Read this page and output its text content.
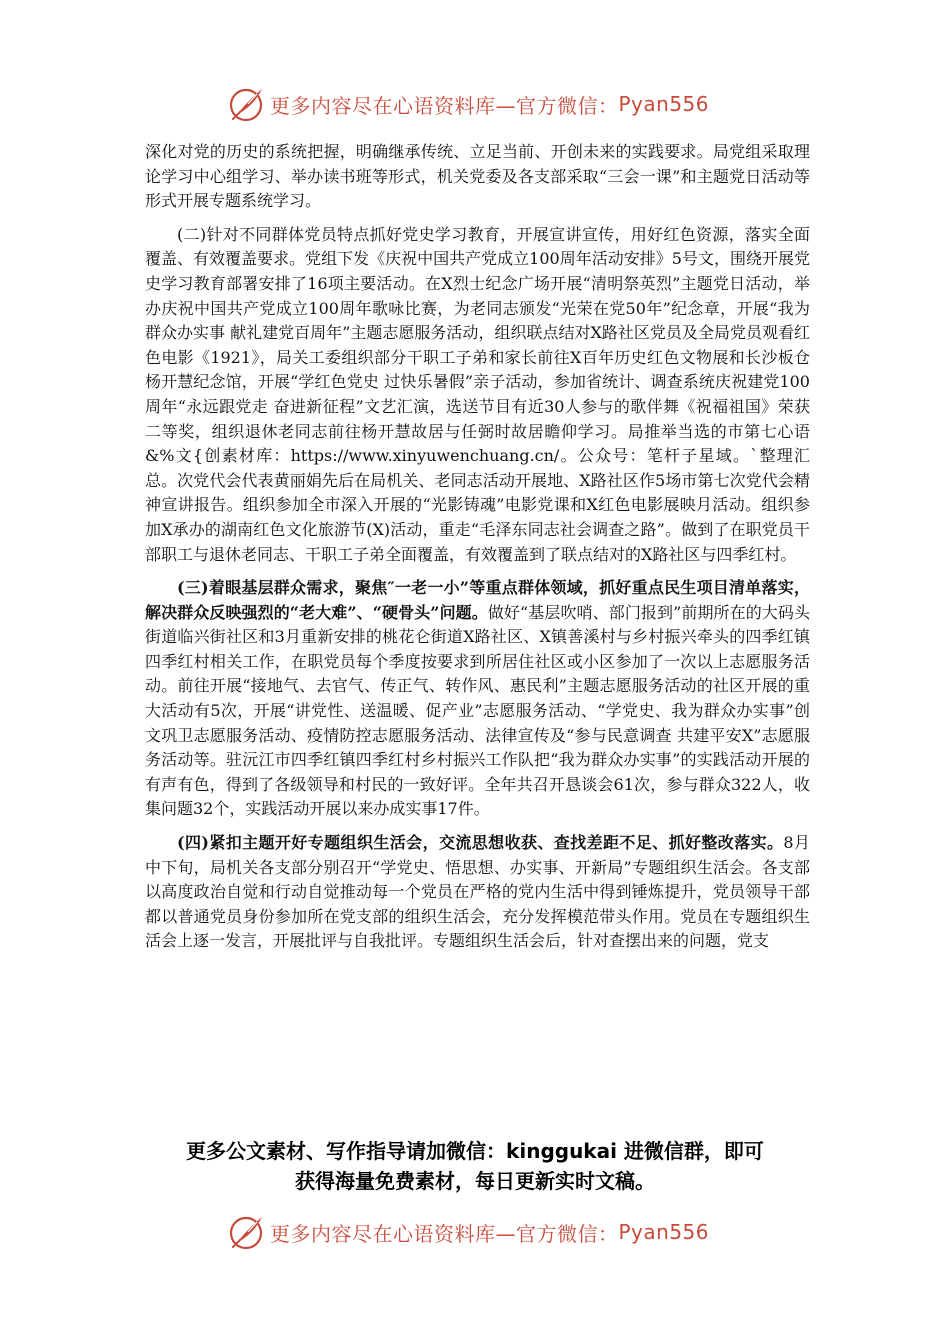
更多内容尽在心语资料库—官方微信： Pyan556

深化对党的历史的系统把握，明确继承传统、立足当前、开创未来的实践要求。局党组采取理论学习中心组学习、举办读书班等形式，机关党委及各支部采取“三会一课”和主题党日活动等形式开展专题系统学习。

(二)针对不同群体党员特点抓好党史学习教育，开展宣讲宣传，用好红色资源，落实全面覆盖、有效覆盖要求。党组下发《庆祝中国共产党成立100周年活动安排》5号文，围绕开展党史学习教育部署安排了16项主要活动。在X烈士纪念广场开展“清明祭英烈”主题党日活动，举办庆祝中国共产党成立100周年歌咏比赛，为老同志颁发“光荣在党50年”纪念章，开展“我为群众办实事 献礼建党百周年”主题志愿服务活动，组织联点结对X路社区党员及全局党员观看红色电影《1921》，局关工委组织部分干职工子弟和家长前往X百年历史红色文物展和长沙板仓杨开慧纪念馆，开展“学红色党史 过快乐暑假”亲子活动，参加省统计、调查系统庆祝建党100周年“永远跟党走 奋进新征程”文艺汇演，选送节目有近30人参与的歌伴舞《祝福祖国》荣获二等奖，组织退休老同志前往杨开慧故居与任弼时故居瞻仰学习。局推举当选的市第七心语&%文{创素材库：https://www.xinyuwenchuang.cn/。公众号：笔杆子星域。`整理汇总。次党代会代表黄丽娟先后在局机关、老同志活动开展地、X路社区作5场市第七次党代会精神宣讲报告。组织参加全市深入开展的“光影铸魂”电影党课和X红色电影展映月活动。组织参加X承办的湖南红色文化旅游节(X)活动，重走“毛泽东同志社会调查之路”。做到了在职党员干部职工与退休老同志、干职工子弟全面覆盖，有效覆盖到了联点结对的X路社区与四季红村。

(三)着眼基层群众需求，聚焦″一老一小”等重点群体领域，抓好重点民生项目清单落实，解决群众反映强烈的“老大难”、“硬骨头”问题。做好“基层吹哨、部门报到”前期所在的大码头街道临兴街社区和3月重新安排的桃花仑街道X路社区、X镇善溪村与乡村振兴牵头的四季红镇四季红村相关工作，在职党员每个季度按要求到所居住社区或小区参加了一次以上志愿服务活动。前往开展“接地气、去官气、传正气、转作风、惠民利”主题志愿服务活动的社区开展的重大活动有5次，开展“讲党性、送温暖、促产业”志愿服务活动、“学党史、我为群众办实事”创文巩卫志愿服务活动、疫情防控志愿服务活动、法律宣传及“参与民意调查 共建平安X”志愿服务活动等。驻沅江市四季红镇四季红村乡村振兴工作队把“我为群众办实事”的实践活动开展的有声有色，得到了各级领导和村民的一致好评。全年共召开恳谈会61次，参与群众322人，收集问题32个，实践活动开展以来办成实事17件。

(四)紧扣主题开好专题组织生活会，交流思想收获、查找差距不足、抓好整改落实。8月中下旬，局机关各支部分别召开“学党史、悟思想、办实事、开新局”专题组织生活会。各支部以高度政治自觉和行动自觉推动每一个党员在严格的党内生活中得到锤炼提升，党员领导干部都以普通党员身份参加所在党支部的组织生活会，充分发挥模范带头作用。党员在专题组织生活会上逐一发言，开展批评与自我批评。专题组织生活会后，针对查摆出来的问题，党支

更多公文素材、写作指导请加微信：kinggukai 进微信群，即可
获得海量免费素材，每日更新实时文稿。
更多内容尽在心语资料库—官方微信： Pyan556
